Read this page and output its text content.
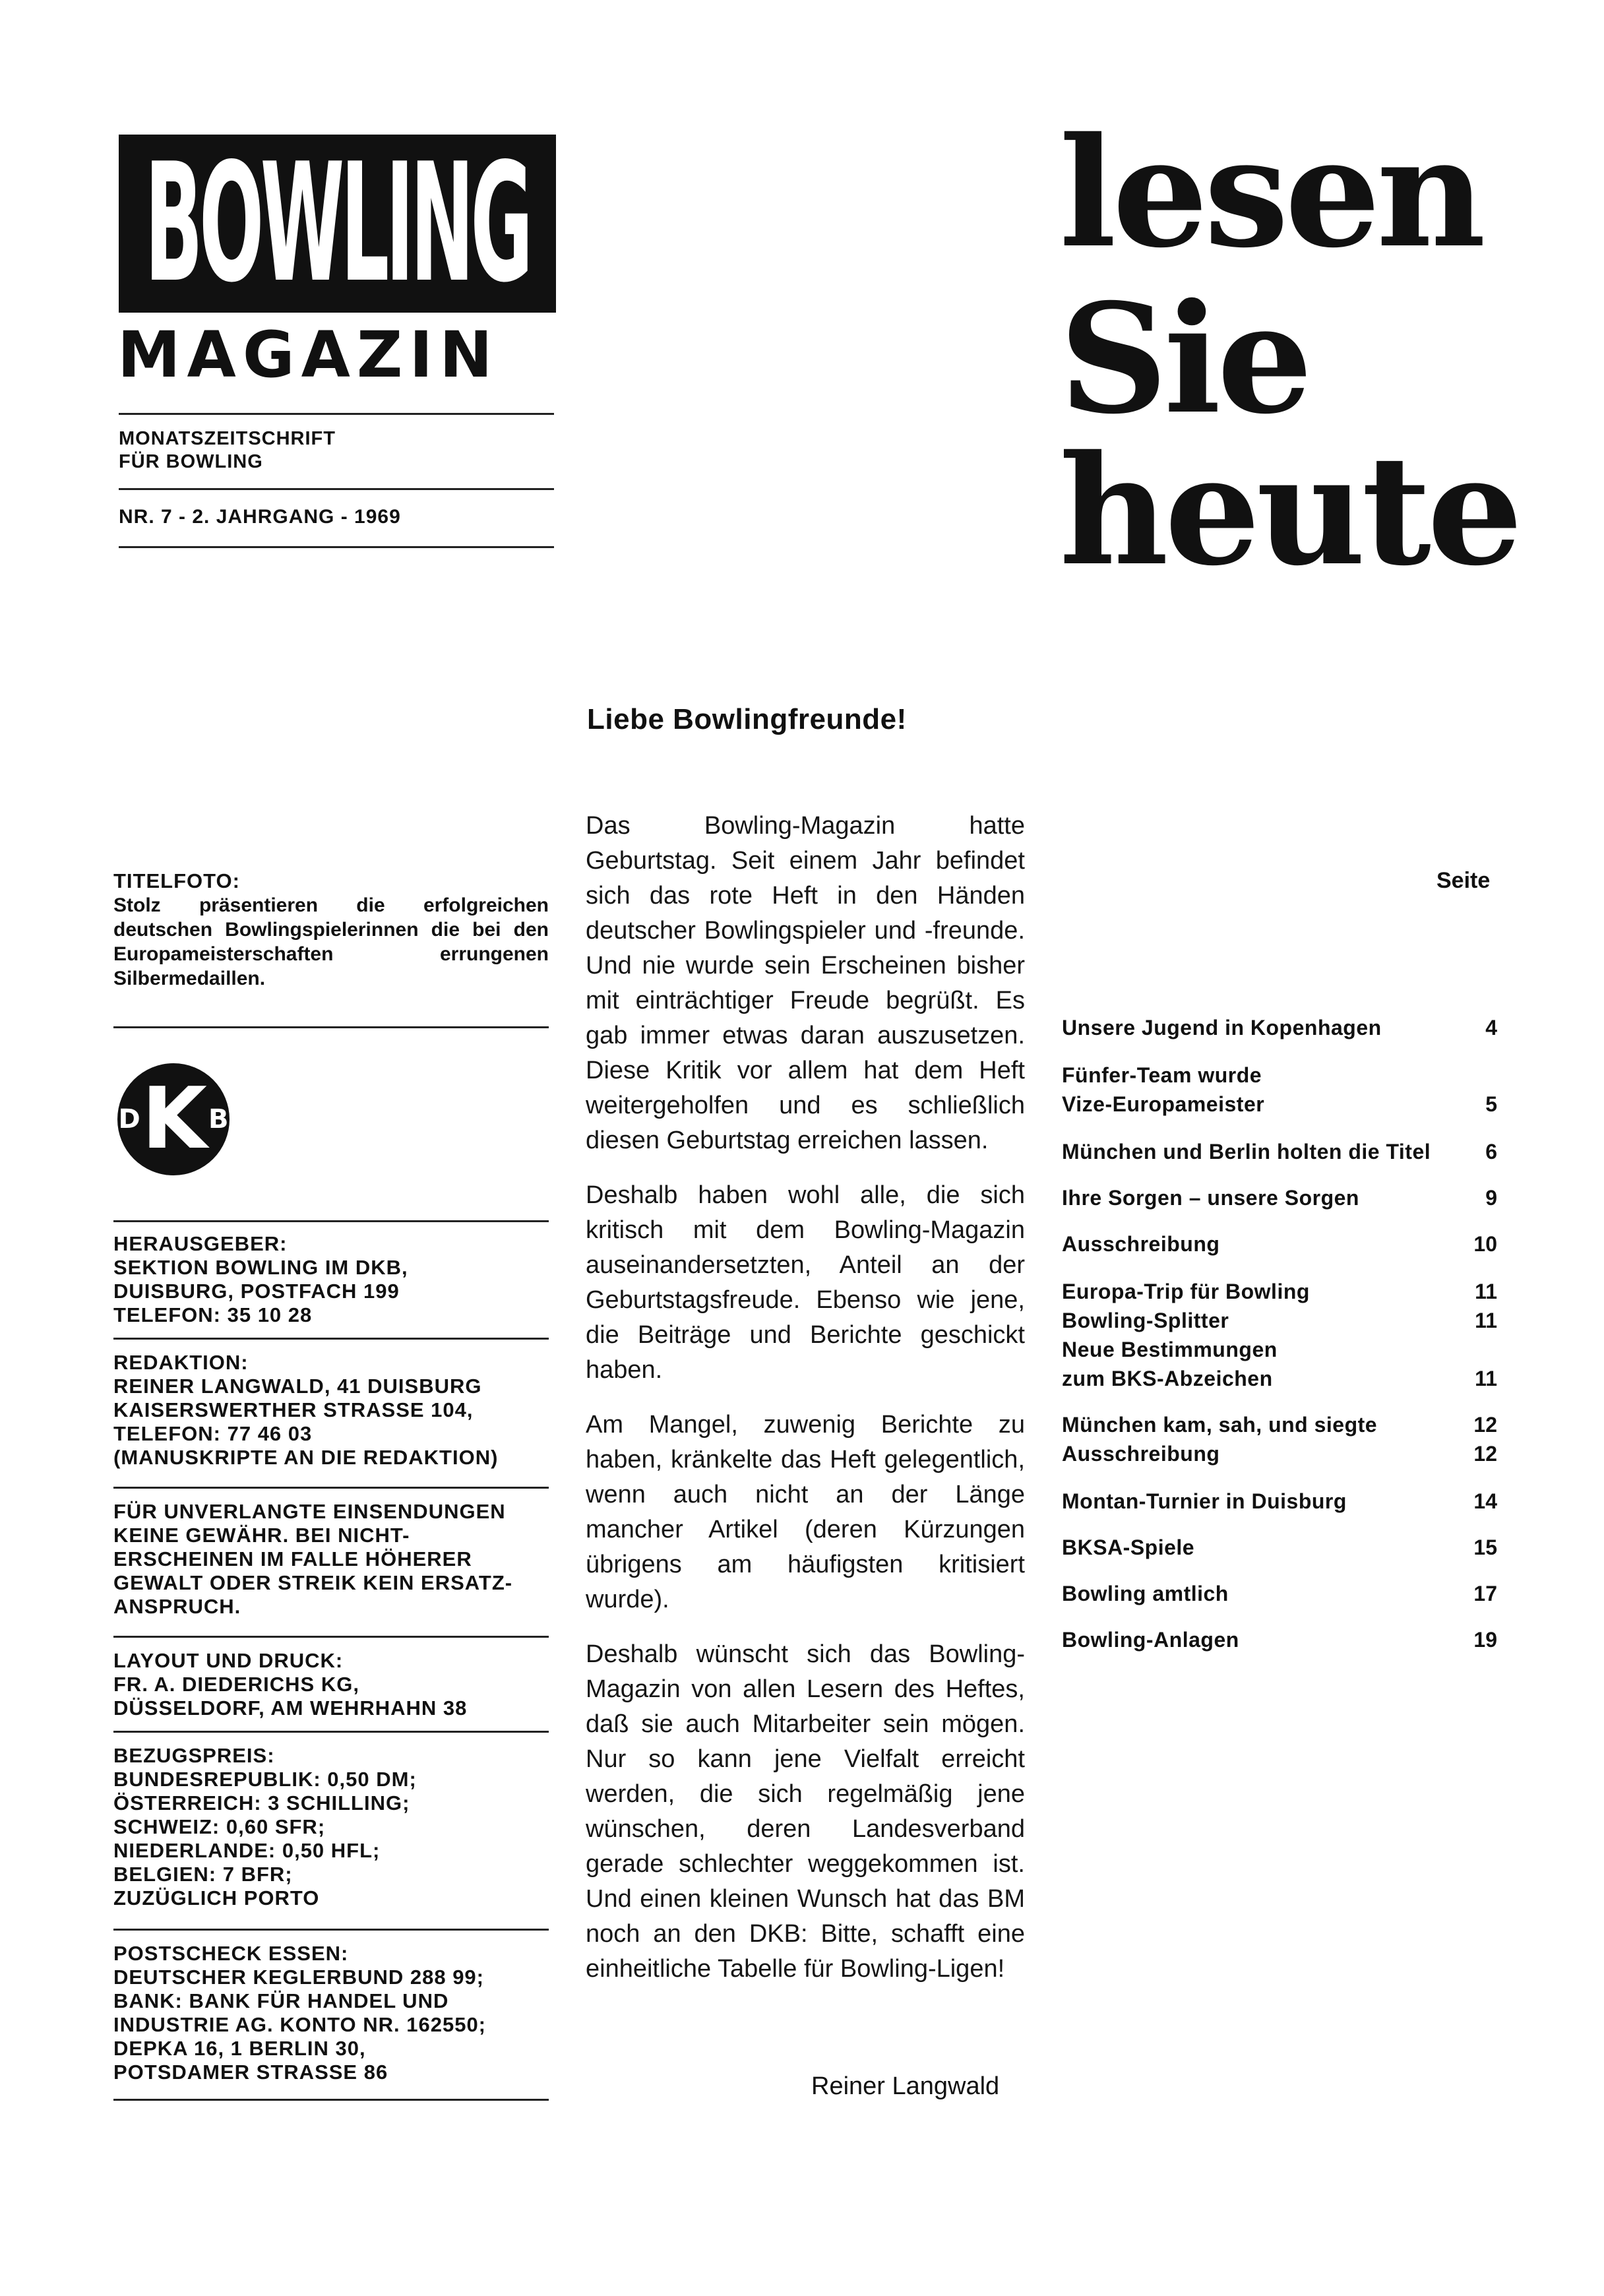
BOWLING
MAGAZIN
MONATSZEITSCHRIFT
FÜR BOWLING
NR. 7 - 2. JAHRGANG - 1969
lesen
Sie
heute
TITELFOTO:
Stolz präsentieren die erfolgreichen deutschen Bowlingspielerinnen die bei den Europameisterschaften errungenen Silbermedaillen.
D K B
HERAUSGEBER:
SEKTION BOWLING IM DKB,
DUISBURG, POSTFACH 199
TELEFON: 35 10 28
REDAKTION:
REINER LANGWALD, 41 DUISBURG
KAISERSWERTHER STRASSE 104,
TELEFON: 77 46 03
(MANUSKRIPTE AN DIE REDAKTION)
FÜR UNVERLANGTE EINSENDUNGEN
KEINE GEWÄHR. BEI NICHT-
ERSCHEINEN IM FALLE HÖHERER
GEWALT ODER STREIK KEIN ERSATZ-
ANSPRUCH.
LAYOUT UND DRUCK:
FR. A. DIEDERICHS KG,
DÜSSELDORF, AM WEHRHAHN 38
BEZUGSPREIS:
BUNDESREPUBLIK: 0,50 DM;
ÖSTERREICH: 3 SCHILLING;
SCHWEIZ: 0,60 SFR;
NIEDERLANDE: 0,50 HFL;
BELGIEN: 7 BFR;
ZUZÜGLICH PORTO
POSTSCHECK ESSEN:
DEUTSCHER KEGLERBUND 288 99;
BANK: BANK FÜR HANDEL UND
INDUSTRIE AG. KONTO NR. 162550;
DEPKA 16, 1 BERLIN 30,
POTSDAMER STRASSE 86
Liebe Bowlingfreunde!

Das Bowling-Magazin hatte Geburtstag. Seit einem Jahr befindet sich das rote Heft in den Händen deutscher Bowlingspieler und -freunde. Und nie wurde sein Erscheinen bisher mit einträchtiger Freude begrüßt. Es gab immer etwas daran auszusetzen. Diese Kritik vor allem hat dem Heft weitergeholfen und es schließlich diesen Geburtstag erreichen lassen.

Deshalb haben wohl alle, die sich kritisch mit dem Bowling-Magazin auseinandersetzten, Anteil an der Geburtstagsfreude. Ebenso wie jene, die Beiträge und Berichte geschickt haben.

Am Mangel, zuwenig Berichte zu haben, kränkelte das Heft gelegentlich, wenn auch nicht an der Länge mancher Artikel (deren Kürzungen übrigens am häufigsten kritisiert wurde).

Deshalb wünscht sich das Bowling-Magazin von allen Lesern des Heftes, daß sie auch Mitarbeiter sein mögen. Nur so kann jene Vielfalt erreicht werden, die sich regelmäßig jene wünschen, deren Landesverband gerade schlechter weggekommen ist. Und einen kleinen Wunsch hat das BM noch an den DKB: Bitte, schafft eine einheitliche Tabelle für Bowling-Ligen!

Reiner Langwald
Seite
Unsere Jugend in Kopenhagen	4
Fünfer-Team wurde
Vize-Europameister	5
München und Berlin holten die Titel	6
Ihre Sorgen – unsere Sorgen	9
Ausschreibung	10
Europa-Trip für Bowling	11
Bowling-Splitter	11
Neue Bestimmungen
zum BKS-Abzeichen	11
München kam, sah, und siegte	12
Ausschreibung	12
Montan-Turnier in Duisburg	14
BKSA-Spiele	15
Bowling amtlich	17
Bowling-Anlagen	19
